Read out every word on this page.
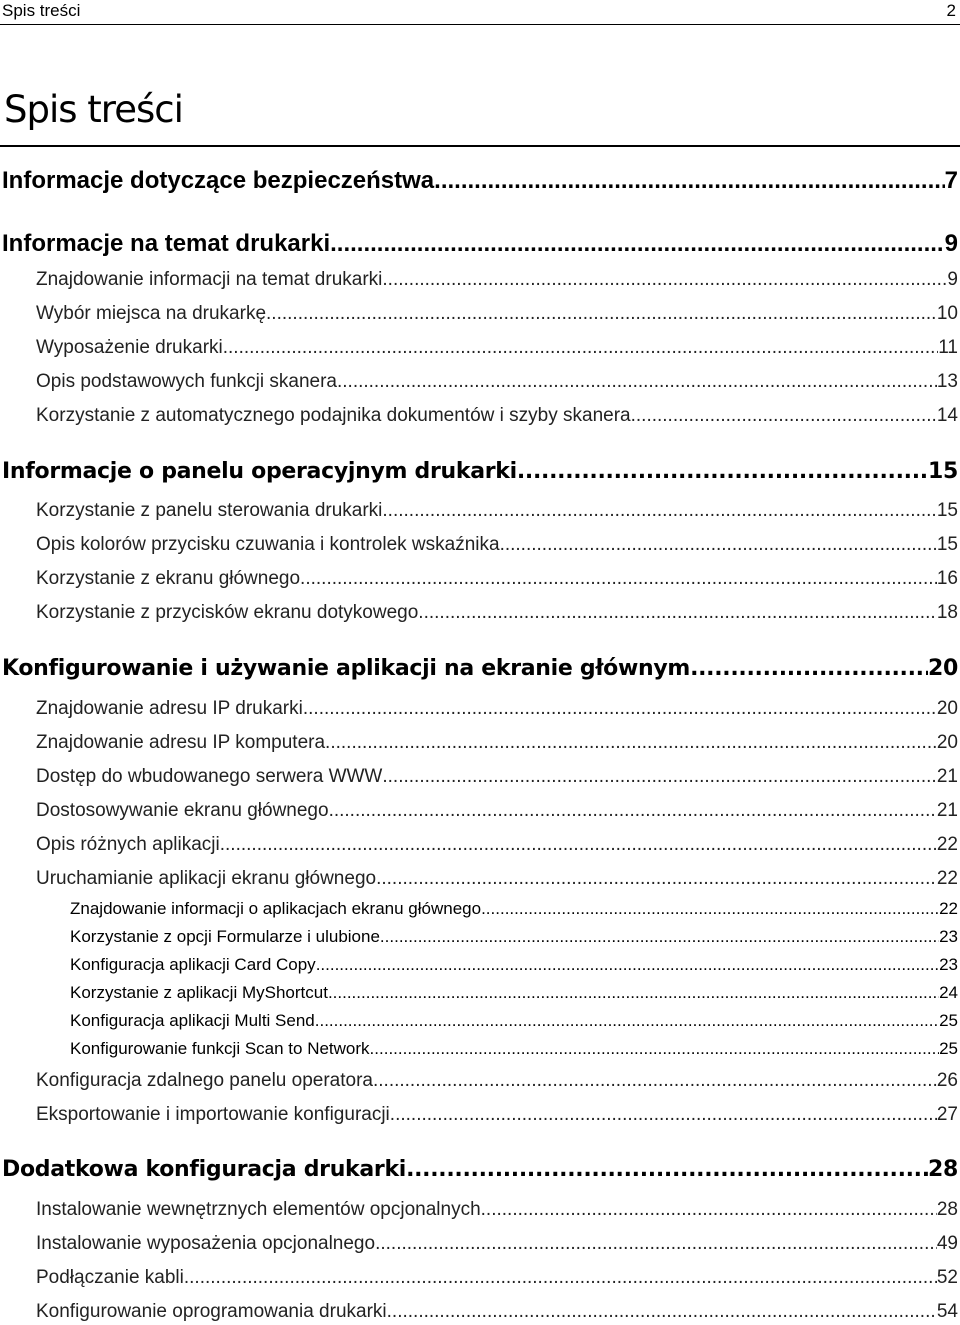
Spis treści	2
Spis treści
Informacje dotyczące bezpieczeństwa .....	7
Informacje na temat drukarki .....	9
Znajdowanie informacji na temat drukarki .....	9
Wybór miejsca na drukarkę .....	10
Wyposażenie drukarki .....	11
Opis podstawowych funkcji skanera .....	13
Korzystanie z automatycznego podajnika dokumentów i szyby skanera .....	14
Informacje o panelu operacyjnym drukarki .....	15
Korzystanie z panelu sterowania drukarki .....	15
Opis kolorów przycisku czuwania i kontrolek wskaźnika .....	15
Korzystanie z ekranu głównego .....	16
Korzystanie z przycisków ekranu dotykowego .....	18
Konfigurowanie i używanie aplikacji na ekranie głównym .....	20
Znajdowanie adresu IP drukarki .....	20
Znajdowanie adresu IP komputera .....	20
Dostęp do wbudowanego serwera WWW .....	21
Dostosowywanie ekranu głównego .....	21
Opis różnych aplikacji .....	22
Uruchamianie aplikacji ekranu głównego .....	22
Znajdowanie informacji o aplikacjach ekranu głównego .....	22
Korzystanie z opcji Formularze i ulubione .....	23
Konfiguracja aplikacji Card Copy .....	23
Korzystanie z aplikacji MyShortcut .....	24
Konfiguracja aplikacji Multi Send .....	25
Konfigurowanie funkcji Scan to Network .....	25
Konfiguracja zdalnego panelu operatora .....	26
Eksportowanie i importowanie konfiguracji .....	27
Dodatkowa konfiguracja drukarki .....	28
Instalowanie wewnętrznych elementów opcjonalnych .....	28
Instalowanie wyposażenia opcjonalnego .....	49
Podłączanie kabli .....	52
Konfigurowanie oprogramowania drukarki .....	54
